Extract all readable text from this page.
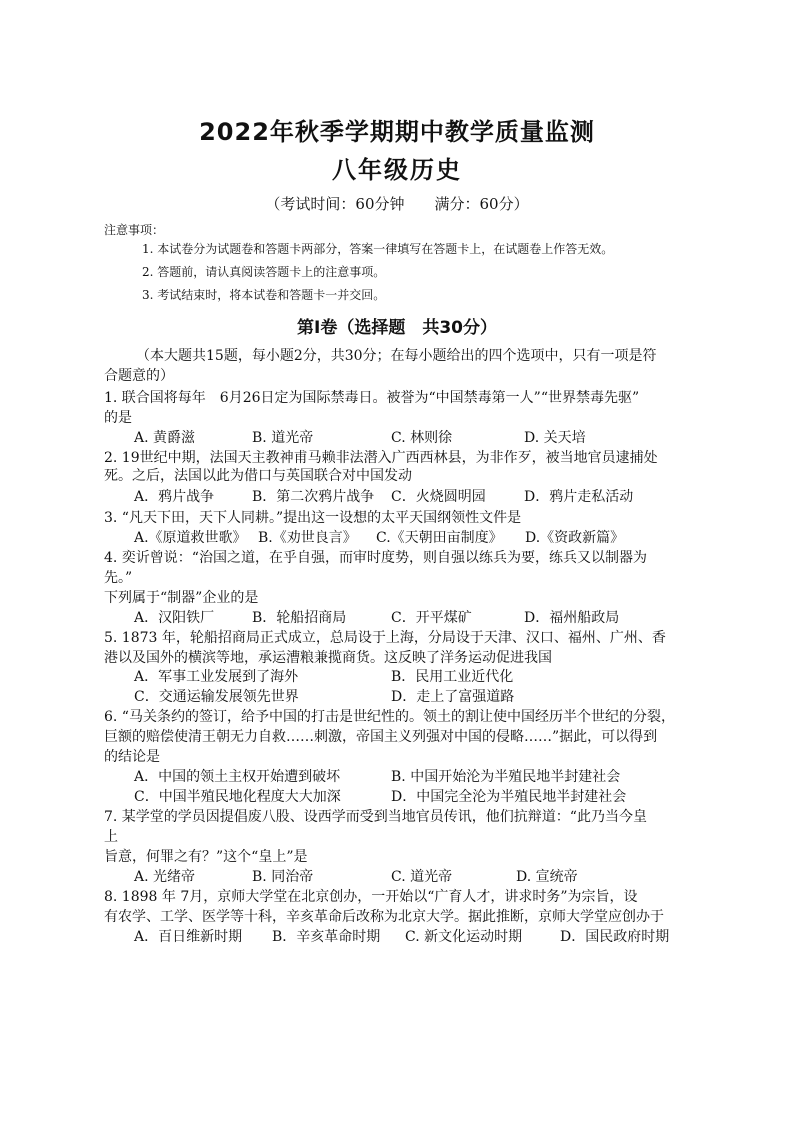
2022年秋季学期期中教学质量监测
八年级历史
（考试时间：60分钟　　满分：60分）
注意事项：
1. 本试卷分为试题卷和答题卡两部分，答案一律填写在答题卡上，在试题卷上作答无效。
2. 答题前，请认真阅读答题卡上的注意事项。
3. 考试结束时，将本试卷和答题卡一并交回。
第Ⅰ卷（选择题　共30分）
（本大题共15题，每小题2分，共30分；在每小题给出的四个选项中，只有一项是符
合题意的）
1. 联合国将每年　6月26日定为国际禁毒日。被誉为“中国禁毒第一人”“世界禁毒先驱”
的是
A. 黄爵滋	B. 道光帝	C. 林则徐	D. 关天培
2. 19世纪中期，法国天主教神甫马赖非法潜入广西西林县，为非作歹，被当地官员逮捕处
死。之后，法国以此为借口与英国联合对中国发动
A．鸦片战争	B．第二次鸦片战争 C．火烧圆明园	D．鸦片走私活动
3. “凡天下田，天下人同耕。”提出这一设想的太平天国纲领性文件是
A.《原道救世歌》 B.《劝世良言》 C.《天朝田亩制度》 D.《资政新篇》
4. 奕䜣曾说：“治国之道，在乎自强，而审时度势，则自强以练兵为要，练兵又以制器为
先。”
下列属于“制器”企业的是
A．汉阳铁厂	B．轮船招商局	C．开平煤矿	D．福州船政局
5. 1873 年，轮船招商局正式成立，总局设于上海，分局设于天津、汉口、福州、广州、香
港以及国外的横滨等地，承运漕粮兼揽商货。这反映了洋务运动促进我国
A．军事工业发展到了海外	B．民用工业近代化
C．交通运输发展领先世界	D．走上了富强道路
6. “马关条约的签订，给予中国的打击是世纪性的。领土的割让使中国经历半个世纪的分裂，
巨额的赔偿使清王朝无力自救……刺激，帝国主义列强对中国的侵略……”据此，可以得到
的结论是
A．中国的领土主权开始遭到破坏	B. 中国开始沦为半殖民地半封建社会
C．中国半殖民地化程度大大加深	D．中国完全沦为半殖民地半封建社会
7. 某学堂的学员因提倡废八股、设西学而受到当地官员传讯，他们抗辩道：“此乃当今皇
上
旨意，何罪之有？”这个“皇上”是
A. 光绪帝	B. 同治帝	C. 道光帝	D. 宣统帝
8. 1898 年 7月，京师大学堂在北京创办，一开始以“广育人才，讲求时务”为宗旨，设
有农学、工学、医学等十科，辛亥革命后改称为北京大学。据此推断，京师大学堂应创办于
A．百日维新时期 B．辛亥革命时期 C. 新文化运动时期	D．国民政府时期
